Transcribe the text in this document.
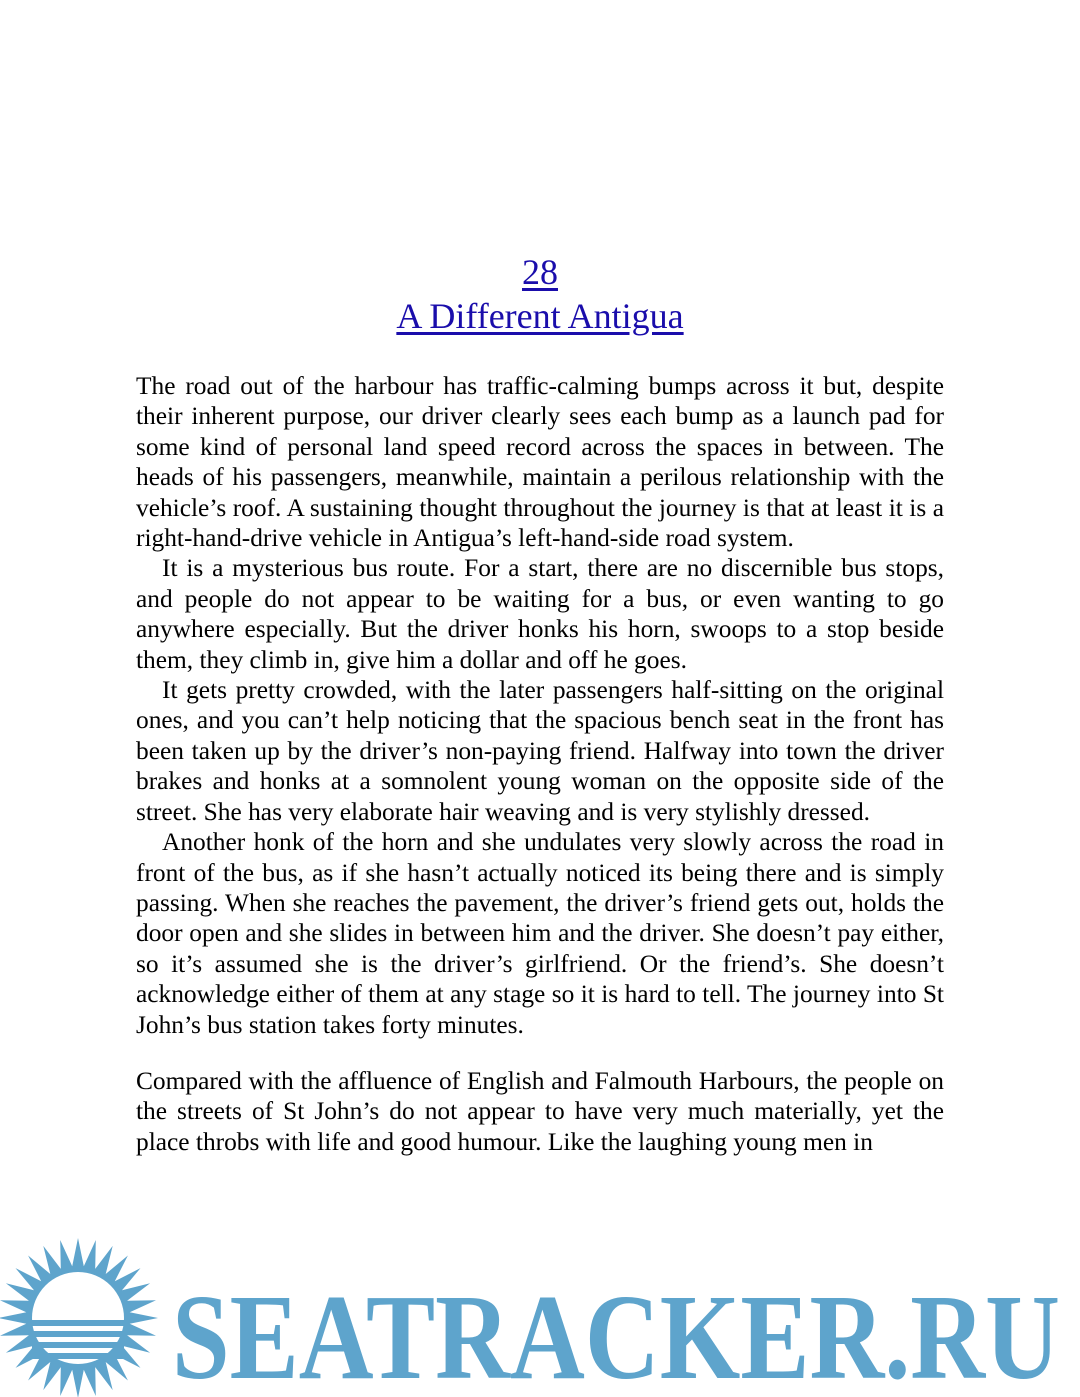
28
A Different Antigua

The road out of the harbour has traffic-calming bumps across it but, despite their inherent purpose, our driver clearly sees each bump as a launch pad for some kind of personal land speed record across the spaces in between. The heads of his passengers, meanwhile, maintain a perilous relationship with the vehicle’s roof. A sustaining thought throughout the journey is that at least it is a right-hand-drive vehicle in Antigua’s left-hand-side road system.

It is a mysterious bus route. For a start, there are no discernible bus stops, and people do not appear to be waiting for a bus, or even wanting to go anywhere especially. But the driver honks his horn, swoops to a stop beside them, they climb in, give him a dollar and off he goes.

It gets pretty crowded, with the later passengers half-sitting on the original ones, and you can’t help noticing that the spacious bench seat in the front has been taken up by the driver’s non-paying friend. Halfway into town the driver brakes and honks at a somnolent young woman on the opposite side of the street. She has very elaborate hair weaving and is very stylishly dressed.

Another honk of the horn and she undulates very slowly across the road in front of the bus, as if she hasn’t actually noticed its being there and is simply passing. When she reaches the pavement, the driver’s friend gets out, holds the door open and she slides in between him and the driver. She doesn’t pay either, so it’s assumed she is the driver’s girlfriend. Or the friend’s. She doesn’t acknowledge either of them at any stage so it is hard to tell. The journey into St John’s bus station takes forty minutes.

Compared with the affluence of English and Falmouth Harbours, the people on the streets of St John’s do not appear to have very much materially, yet the place throbs with life and good humour. Like the laughing young men in

SEATRACKER.RU
